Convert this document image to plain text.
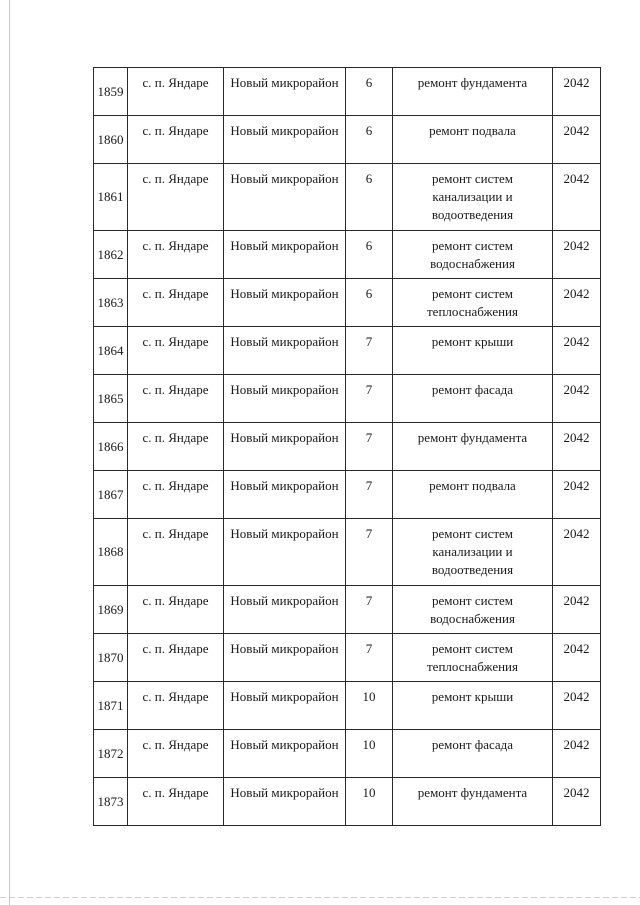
1859	с. п. Яндаре	Новый микрорайон	6	ремонт фундамента	2042
1860	с. п. Яндаре	Новый микрорайон	6	ремонт подвала	2042
1861	с. п. Яндаре	Новый микрорайон	6	ремонт систем канализации и водоотведения	2042
1862	с. п. Яндаре	Новый микрорайон	6	ремонт систем водоснабжения	2042
1863	с. п. Яндаре	Новый микрорайон	6	ремонт систем теплоснабжения	2042
1864	с. п. Яндаре	Новый микрорайон	7	ремонт крыши	2042
1865	с. п. Яндаре	Новый микрорайон	7	ремонт фасада	2042
1866	с. п. Яндаре	Новый микрорайон	7	ремонт фундамента	2042
1867	с. п. Яндаре	Новый микрорайон	7	ремонт подвала	2042
1868	с. п. Яндаре	Новый микрорайон	7	ремонт систем канализации и водоотведения	2042
1869	с. п. Яндаре	Новый микрорайон	7	ремонт систем водоснабжения	2042
1870	с. п. Яндаре	Новый микрорайон	7	ремонт систем теплоснабжения	2042
1871	с. п. Яндаре	Новый микрорайон	10	ремонт крыши	2042
1872	с. п. Яндаре	Новый микрорайон	10	ремонт фасада	2042
1873	с. п. Яндаре	Новый микрорайон	10	ремонт фундамента	2042
